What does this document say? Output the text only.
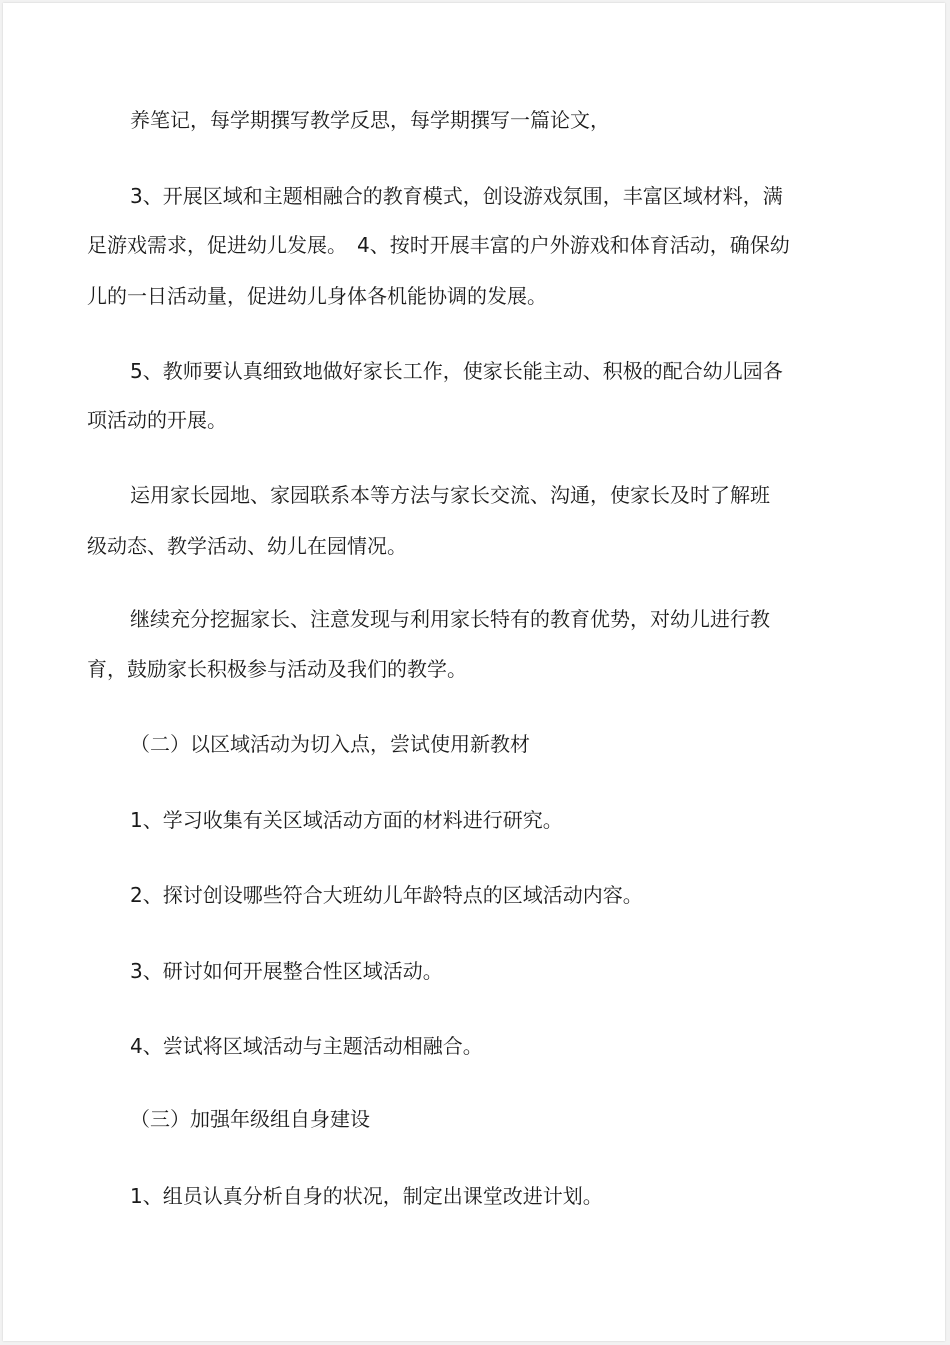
养笔记，每学期撰写教学反思，每学期撰写一篇论文，

3、开展区域和主题相融合的教育模式，创设游戏氛围，丰富区域材料，满

足游戏需求，促进幼儿发展。　4、按时开展丰富的户外游戏和体育活动，确保幼

儿的一日活动量，促进幼儿身体各机能协调的发展。

5、教师要认真细致地做好家长工作，使家长能主动、积极的配合幼儿园各

项活动的开展。

运用家长园地、家园联系本等方法与家长交流、沟通，使家长及时了解班

级动态、教学活动、幼儿在园情况。

继续充分挖掘家长、注意发现与利用家长特有的教育优势，对幼儿进行教

育，鼓励家长积极参与活动及我们的教学。

（二）以区域活动为切入点，尝试使用新教材

1、学习收集有关区域活动方面的材料进行研究。

2、探讨创设哪些符合大班幼儿年龄特点的区域活动内容。

3、研讨如何开展整合性区域活动。

4、尝试将区域活动与主题活动相融合。

（三）加强年级组自身建设

1、组员认真分析自身的状况，制定出课堂改进计划。
